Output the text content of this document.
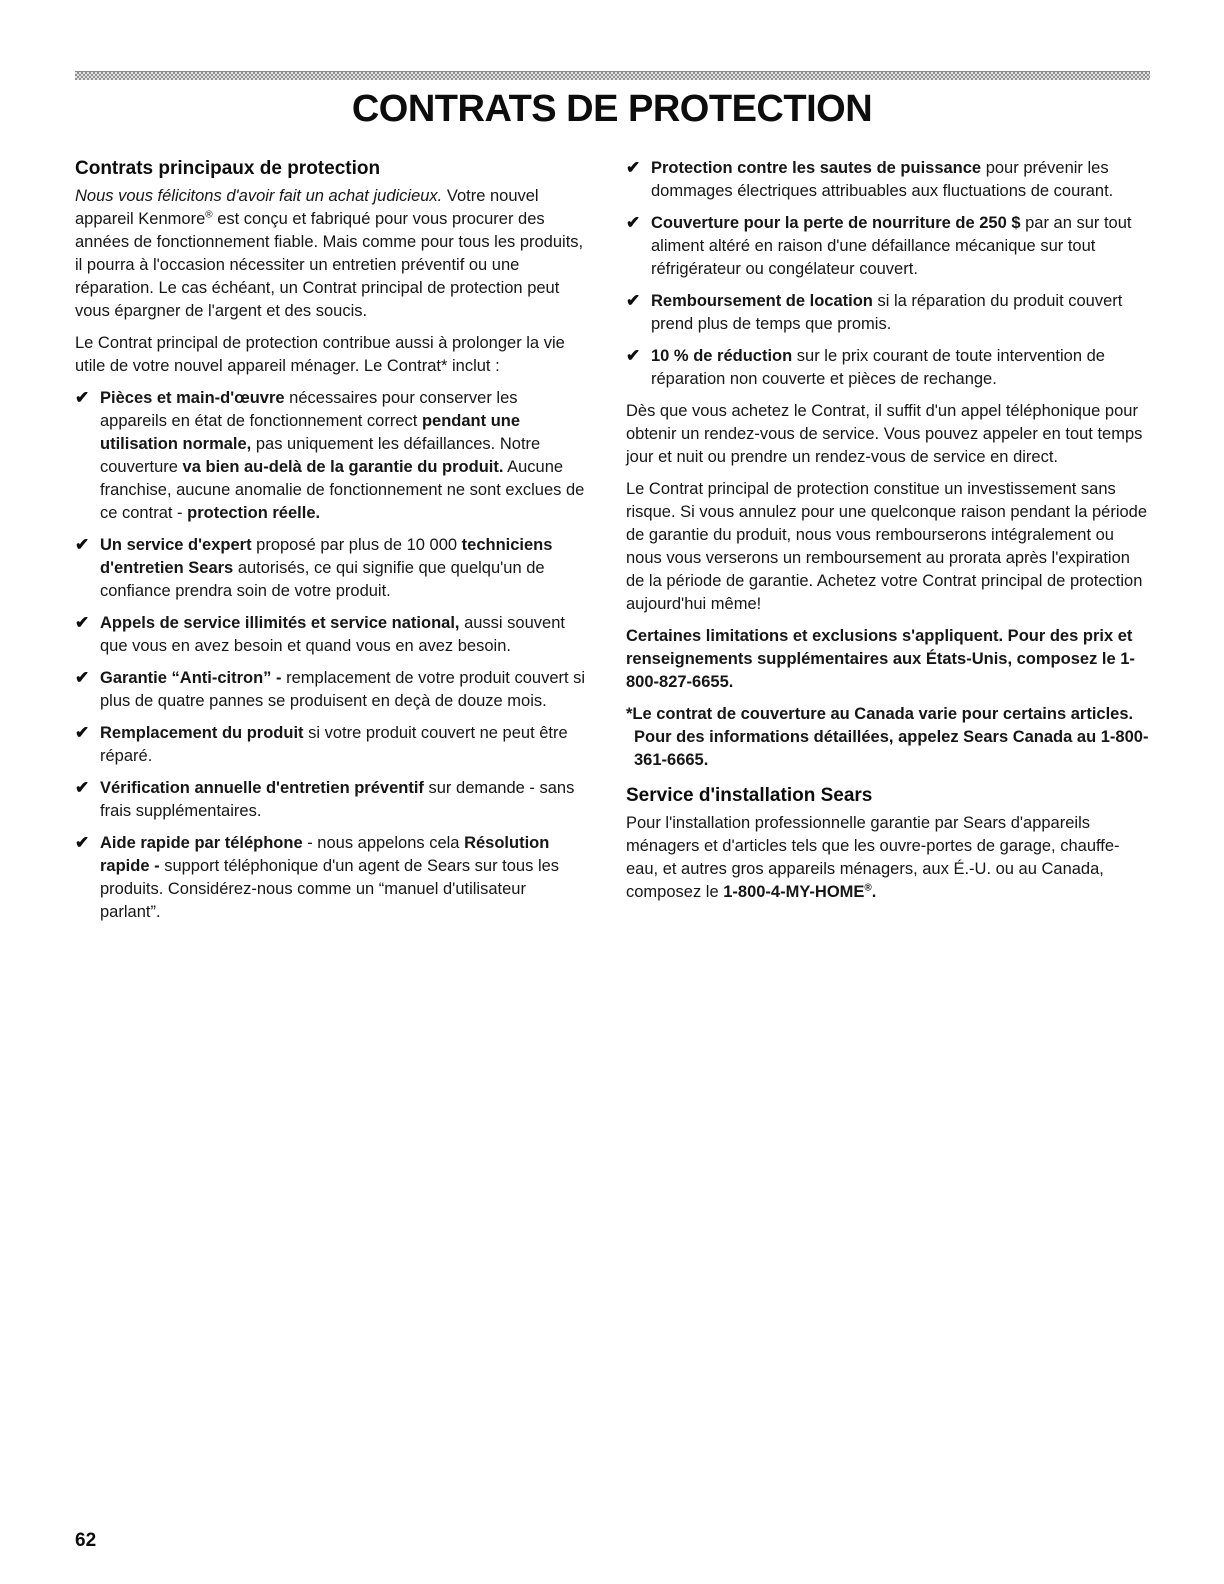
CONTRATS DE PROTECTION
Contrats principaux de protection
Nous vous félicitons d'avoir fait un achat judicieux. Votre nouvel appareil Kenmore® est conçu et fabriqué pour vous procurer des années de fonctionnement fiable. Mais comme pour tous les produits, il pourra à l'occasion nécessiter un entretien préventif ou une réparation. Le cas échéant, un Contrat principal de protection peut vous épargner de l'argent et des soucis.
Le Contrat principal de protection contribue aussi à prolonger la vie utile de votre nouvel appareil ménager. Le Contrat* inclut :
✔ Pièces et main-d'œuvre nécessaires pour conserver les appareils en état de fonctionnement correct pendant une utilisation normale, pas uniquement les défaillances. Notre couverture va bien au-delà de la garantie du produit. Aucune franchise, aucune anomalie de fonctionnement ne sont exclues de ce contrat - protection réelle.
✔ Un service d'expert proposé par plus de 10 000 techniciens d'entretien Sears autorisés, ce qui signifie que quelqu'un de confiance prendra soin de votre produit.
✔ Appels de service illimités et service national, aussi souvent que vous en avez besoin et quand vous en avez besoin.
✔ Garantie “Anti-citron” - remplacement de votre produit couvert si plus de quatre pannes se produisent en deçà de douze mois.
✔ Remplacement du produit si votre produit couvert ne peut être réparé.
✔ Vérification annuelle d'entretien préventif sur demande - sans frais supplémentaires.
✔ Aide rapide par téléphone - nous appelons cela Résolution rapide - support téléphonique d'un agent de Sears sur tous les produits. Considérez-nous comme un “manuel d'utilisateur parlant”.
✔ Protection contre les sautes de puissance pour prévenir les dommages électriques attribuables aux fluctuations de courant.
✔ Couverture pour la perte de nourriture de 250 $ par an sur tout aliment altéré en raison d'une défaillance mécanique sur tout réfrigérateur ou congélateur couvert.
✔ Remboursement de location si la réparation du produit couvert prend plus de temps que promis.
✔ 10 % de réduction sur le prix courant de toute intervention de réparation non couverte et pièces de rechange.
Dès que vous achetez le Contrat, il suffit d'un appel téléphonique pour obtenir un rendez-vous de service. Vous pouvez appeler en tout temps jour et nuit ou prendre un rendez-vous de service en direct.
Le Contrat principal de protection constitue un investissement sans risque. Si vous annulez pour une quelconque raison pendant la période de garantie du produit, nous vous rembourserons intégralement ou nous vous verserons un remboursement au prorata après l'expiration de la période de garantie. Achetez votre Contrat principal de protection aujourd'hui même!
Certaines limitations et exclusions s'appliquent. Pour des prix et renseignements supplémentaires aux États-Unis, composez le 1-800-827-6655.
*Le contrat de couverture au Canada varie pour certains articles. Pour des informations détaillées, appelez Sears Canada au 1-800-361-6665.
Service d'installation Sears
Pour l'installation professionnelle garantie par Sears d'appareils ménagers et d'articles tels que les ouvre-portes de garage, chauffe-eau, et autres gros appareils ménagers, aux É.-U. ou au Canada, composez le 1-800-4-MY-HOME®.
62
